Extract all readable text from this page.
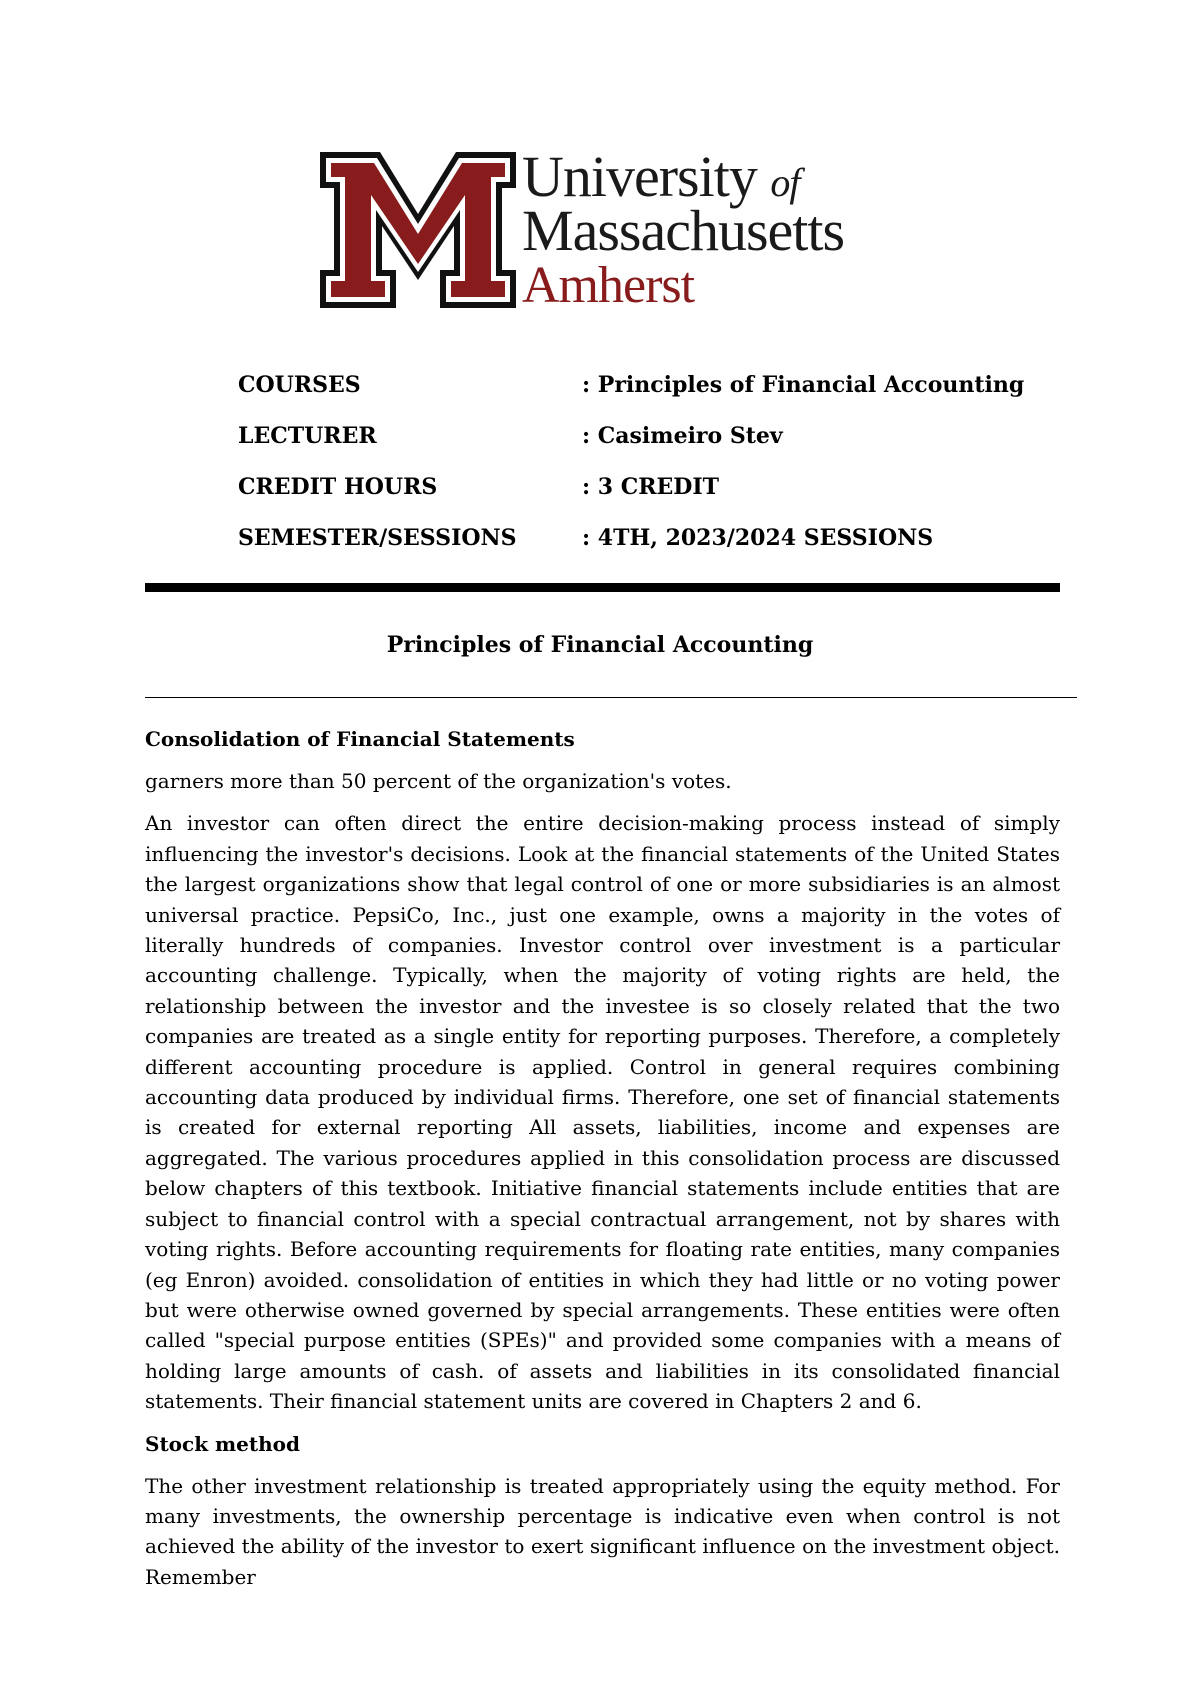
University of
Massachusetts
Amherst
COURSES	: Principles of Financial Accounting
LECTURER	: Casimeiro Stev
CREDIT HOURS	: 3 CREDIT
SEMESTER/SESSIONS	: 4TH, 2023/2024 SESSIONS
Principles of Financial Accounting
Consolidation of Financial Statements

garners more than 50 percent of the organization's votes.

An investor can often direct the entire decision-making process instead of simply influencing the investor's decisions. Look at the financial statements of the United States the largest organizations show that legal control of one or more subsidiaries is an almost universal practice. PepsiCo, Inc., just one example, owns a majority in the votes of literally hundreds of companies. Investor control over investment is a particular accounting challenge. Typically, when the majority of voting rights are held, the relationship between the investor and the investee is so closely related that the two companies are treated as a single entity for reporting purposes. Therefore, a completely different accounting procedure is applied. Control in general requires combining accounting data produced by individual firms. Therefore, one set of financial statements is created for external reporting All assets, liabilities, income and expenses are aggregated. The various procedures applied in this consolidation process are discussed below chapters of this textbook. Initiative financial statements include entities that are subject to financial control with a special contractual arrangement, not by shares with voting rights. Before accounting requirements for floating rate entities, many companies (eg Enron) avoided. consolidation of entities in which they had little or no voting power but were otherwise owned governed by special arrangements. These entities were often called "special purpose entities (SPEs)" and provided some companies with a means of holding large amounts of cash. of assets and liabilities in its consolidated financial statements. Their financial statement units are covered in Chapters 2 and 6.

Stock method

The other investment relationship is treated appropriately using the equity method. For many investments, the ownership percentage is indicative even when control is not achieved the ability of the investor to exert significant influence on the investment object. Remember
